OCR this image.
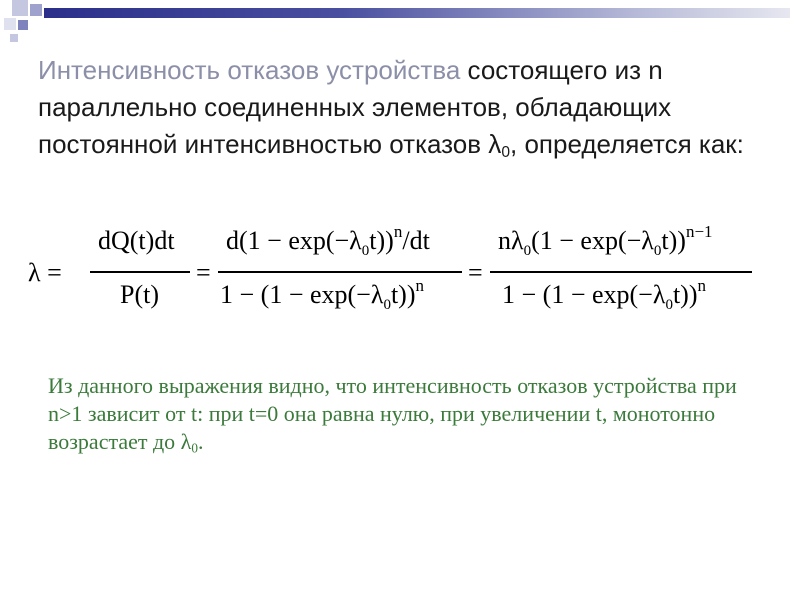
Интенсивность отказов устройства состоящего из n параллельно соединенных элементов, обладающих постоянной интенсивностью отказов $\lambda_0$, определяется как:
λ =
dQ(t)dt
P(t)
=
$d(1 - \exp(-\lambda_0t))^n/dt$
$1 - (1 - \exp(-\lambda_0t))^n$ =
$n\lambda_0(1 - \exp(-\lambda_0t))^{n-1}$
$1 - (1 - \exp(-\lambda_0t))^n$
Из данного выражения видно, что интенсивность отказов устройства при n>1 зависит от t: при t=0 она равна нулю, при увеличении t, монотонно возрастает до $\lambda_0$.
